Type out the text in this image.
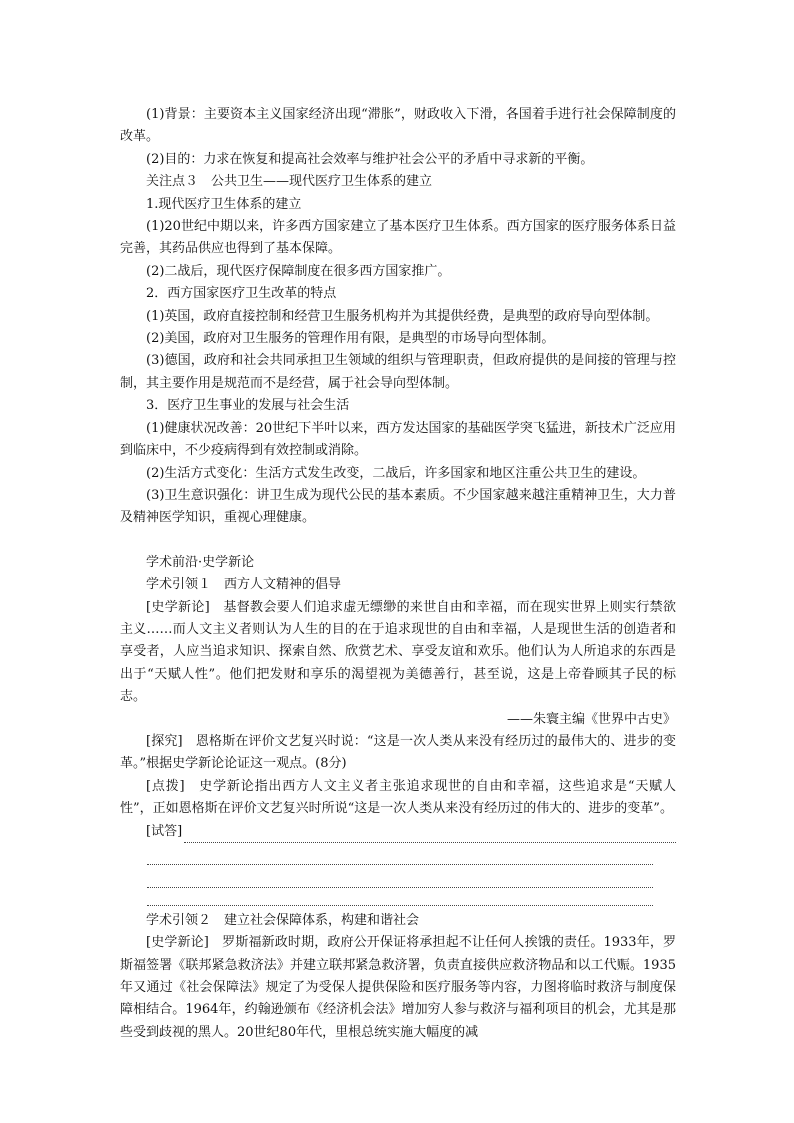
(1)背景：主要资本主义国家经济出现“滞胀”，财政收入下滑，各国着手进行社会保障制度的改革。

(2)目的：力求在恢复和提高社会效率与维护社会公平的矛盾中寻求新的平衡。

关注点３　公共卫生——现代医疗卫生体系的建立

1.现代医疗卫生体系的建立

(1)20世纪中期以来，许多西方国家建立了基本医疗卫生体系。西方国家的医疗服务体系日益完善，其药品供应也得到了基本保障。

(2)二战后，现代医疗保障制度在很多西方国家推广。

2．西方国家医疗卫生改革的特点

(1)英国，政府直接控制和经营卫生服务机构并为其提供经费，是典型的政府导向型体制。

(2)美国，政府对卫生服务的管理作用有限，是典型的市场导向型体制。

(3)德国，政府和社会共同承担卫生领域的组织与管理职责，但政府提供的是间接的管理与控制，其主要作用是规范而不是经营，属于社会导向型体制。

3．医疗卫生事业的发展与社会生活

(1)健康状况改善：20世纪下半叶以来，西方发达国家的基础医学突飞猛进，新技术广泛应用到临床中，不少疫病得到有效控制或消除。

(2)生活方式变化：生活方式发生改变，二战后，许多国家和地区注重公共卫生的建设。

(3)卫生意识强化：讲卫生成为现代公民的基本素质。不少国家越来越注重精神卫生，大力普及精神医学知识，重视心理健康。

学术前沿·史学新论

学术引领１　西方人文精神的倡导

[史学新论]　基督教会要人们追求虚无缥缈的来世自由和幸福，而在现实世界上则实行禁欲主义……而人文主义者则认为人生的目的在于追求现世的自由和幸福，人是现世生活的创造者和享受者，人应当追求知识、探索自然、欣赏艺术、享受友谊和欢乐。他们认为人所追求的东西是出于“天赋人性”。他们把发财和享乐的渴望视为美德善行，甚至说，这是上帝眷顾其子民的标志。

——朱寰主编《世界中古史》

[探究]　恩格斯在评价文艺复兴时说：“这是一次人类从来没有经历过的最伟大的、进步的变革。”根据史学新论论证这一观点。(8分)

[点拨]　史学新论指出西方人文主义者主张追求现世的自由和幸福，这些追求是“天赋人性”，正如恩格斯在评价文艺复兴时所说“这是一次人类从来没有经历过的伟大的、进步的变革”。

[试答]

学术引领２　建立社会保障体系，构建和谐社会

[史学新论]　罗斯福新政时期，政府公开保证将承担起不让任何人挨饿的责任。1933年，罗斯福签署《联邦紧急救济法》并建立联邦紧急救济署，负责直接供应救济物品和以工代赈。1935年又通过《社会保障法》规定了为受保人提供保险和医疗服务等内容，力图将临时救济与制度保障相结合。1964年，约翰逊颁布《经济机会法》增加穷人参与救济与福利项目的机会，尤其是那些受到歧视的黑人。20世纪80年代，里根总统实施大幅度的减
